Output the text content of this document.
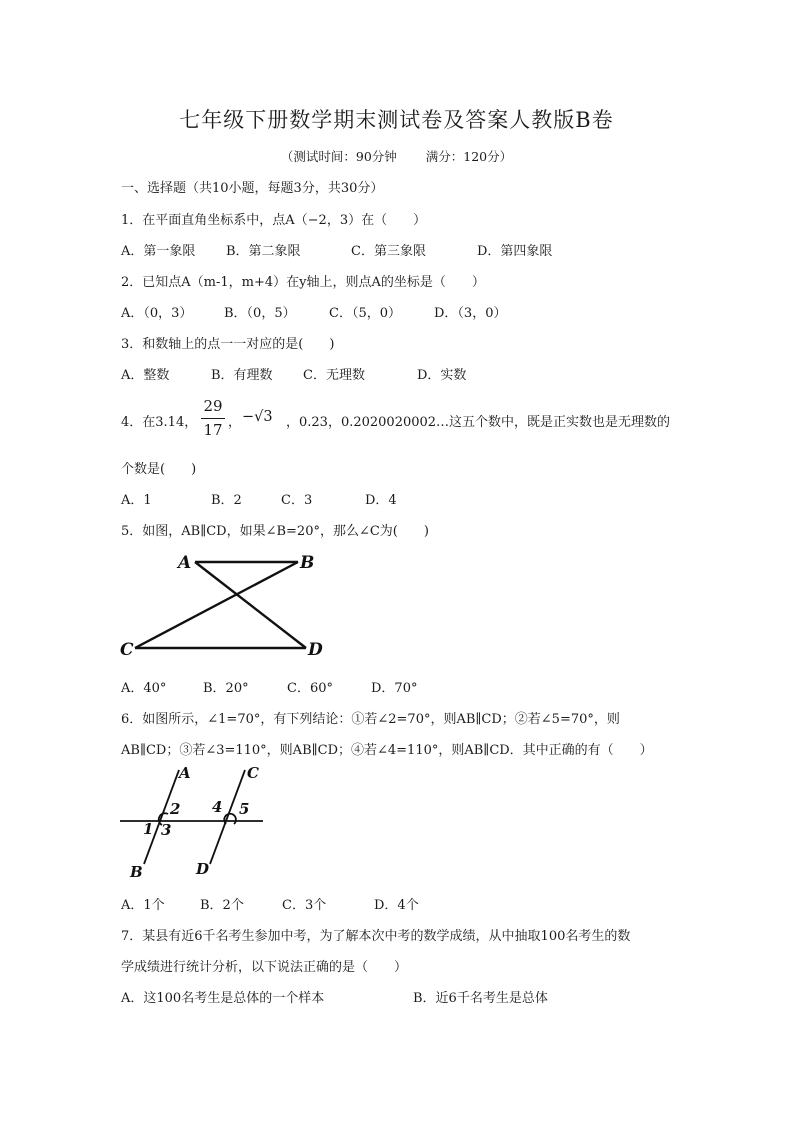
七年级下册数学期末测试卷及答案人教版B卷
（测试时间：90分钟　　 满分：120分）
一、选择题（共10小题，每题3分，共30分）
1．在平面直角坐标系中，点A（−2，3）在（　　）
A．第一象限 B．第二象限	C．第三象限	D．第四象限
2．已知点A（m-1，m+4）在y轴上，则点A的坐标是（　　）
A．（0，3） B．（0，5）	C．（5，0）	D．（3，0）
3．和数轴上的点一一对应的是(　　)
A．整数	B．有理数 C．无理数	D．实数
4．在3.14，
29
17 ， −√3 ，0.23，0.2020020002…这五个数中，既是正实数也是无理数的
个数是(　　)
A．1	B．2	C．3	D．4
5．如图，AB∥CD，如果∠B=20°，那么∠C为(　　)
A	B
C	D
A．40°	B．20°	C．60°	D．70°
6．如图所示，∠1=70°，有下列结论：①若∠2=70°，则AB∥CD；②若∠5=70°，则
AB∥CD；③若∠3=110°，则AB∥CD；④若∠4=110°，则AB∥CD．其中正确的有（　　）
A	C
2 4 5
1 3
B	D
A．1个	B．2个	C．3个	D．4个
7．某县有近6千名考生参加中考，为了解本次中考的数学成绩，从中抽取100名考生的数
学成绩进行统计分析，以下说法正确的是（　　）
A．这100名考生是总体的一个样本	B．近6千名考生是总体
